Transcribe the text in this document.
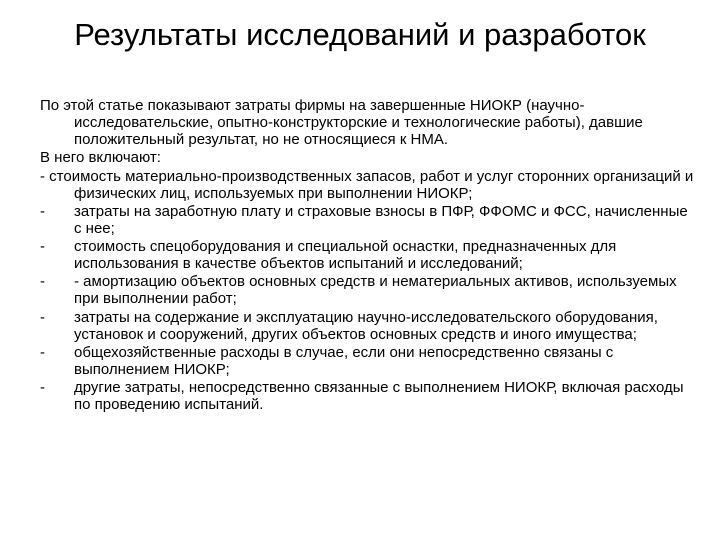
Результаты исследований и разработок

По этой статье показывают затраты фирмы на завершенные НИОКР (научно-исследовательские, опытно-конструкторские и технологические работы), давшие положительный результат, но не относящиеся к НМА.

В него включают:

- стоимость материально-производственных запасов, работ и услуг сторонних организаций и физических лиц, используемых при выполнении НИОКР;

- затраты на заработную плату и страховые взносы в ПФР, ФФОМС и ФСС, начисленные с нее;
- стоимость спецоборудования и специальной оснастки, предназначенных для использования в качестве объектов испытаний и исследований;
- - амортизацию объектов основных средств и нематериальных активов, используемых при выполнении работ;
- затраты на содержание и эксплуатацию научно-исследовательского оборудования, установок и сооружений, других объектов основных средств и иного имущества;
- общехозяйственные расходы в случае, если они непосредственно связаны с выполнением НИОКР;
- другие затраты, непосредственно связанные с выполнением НИОКР, включая расходы по проведению испытаний.
